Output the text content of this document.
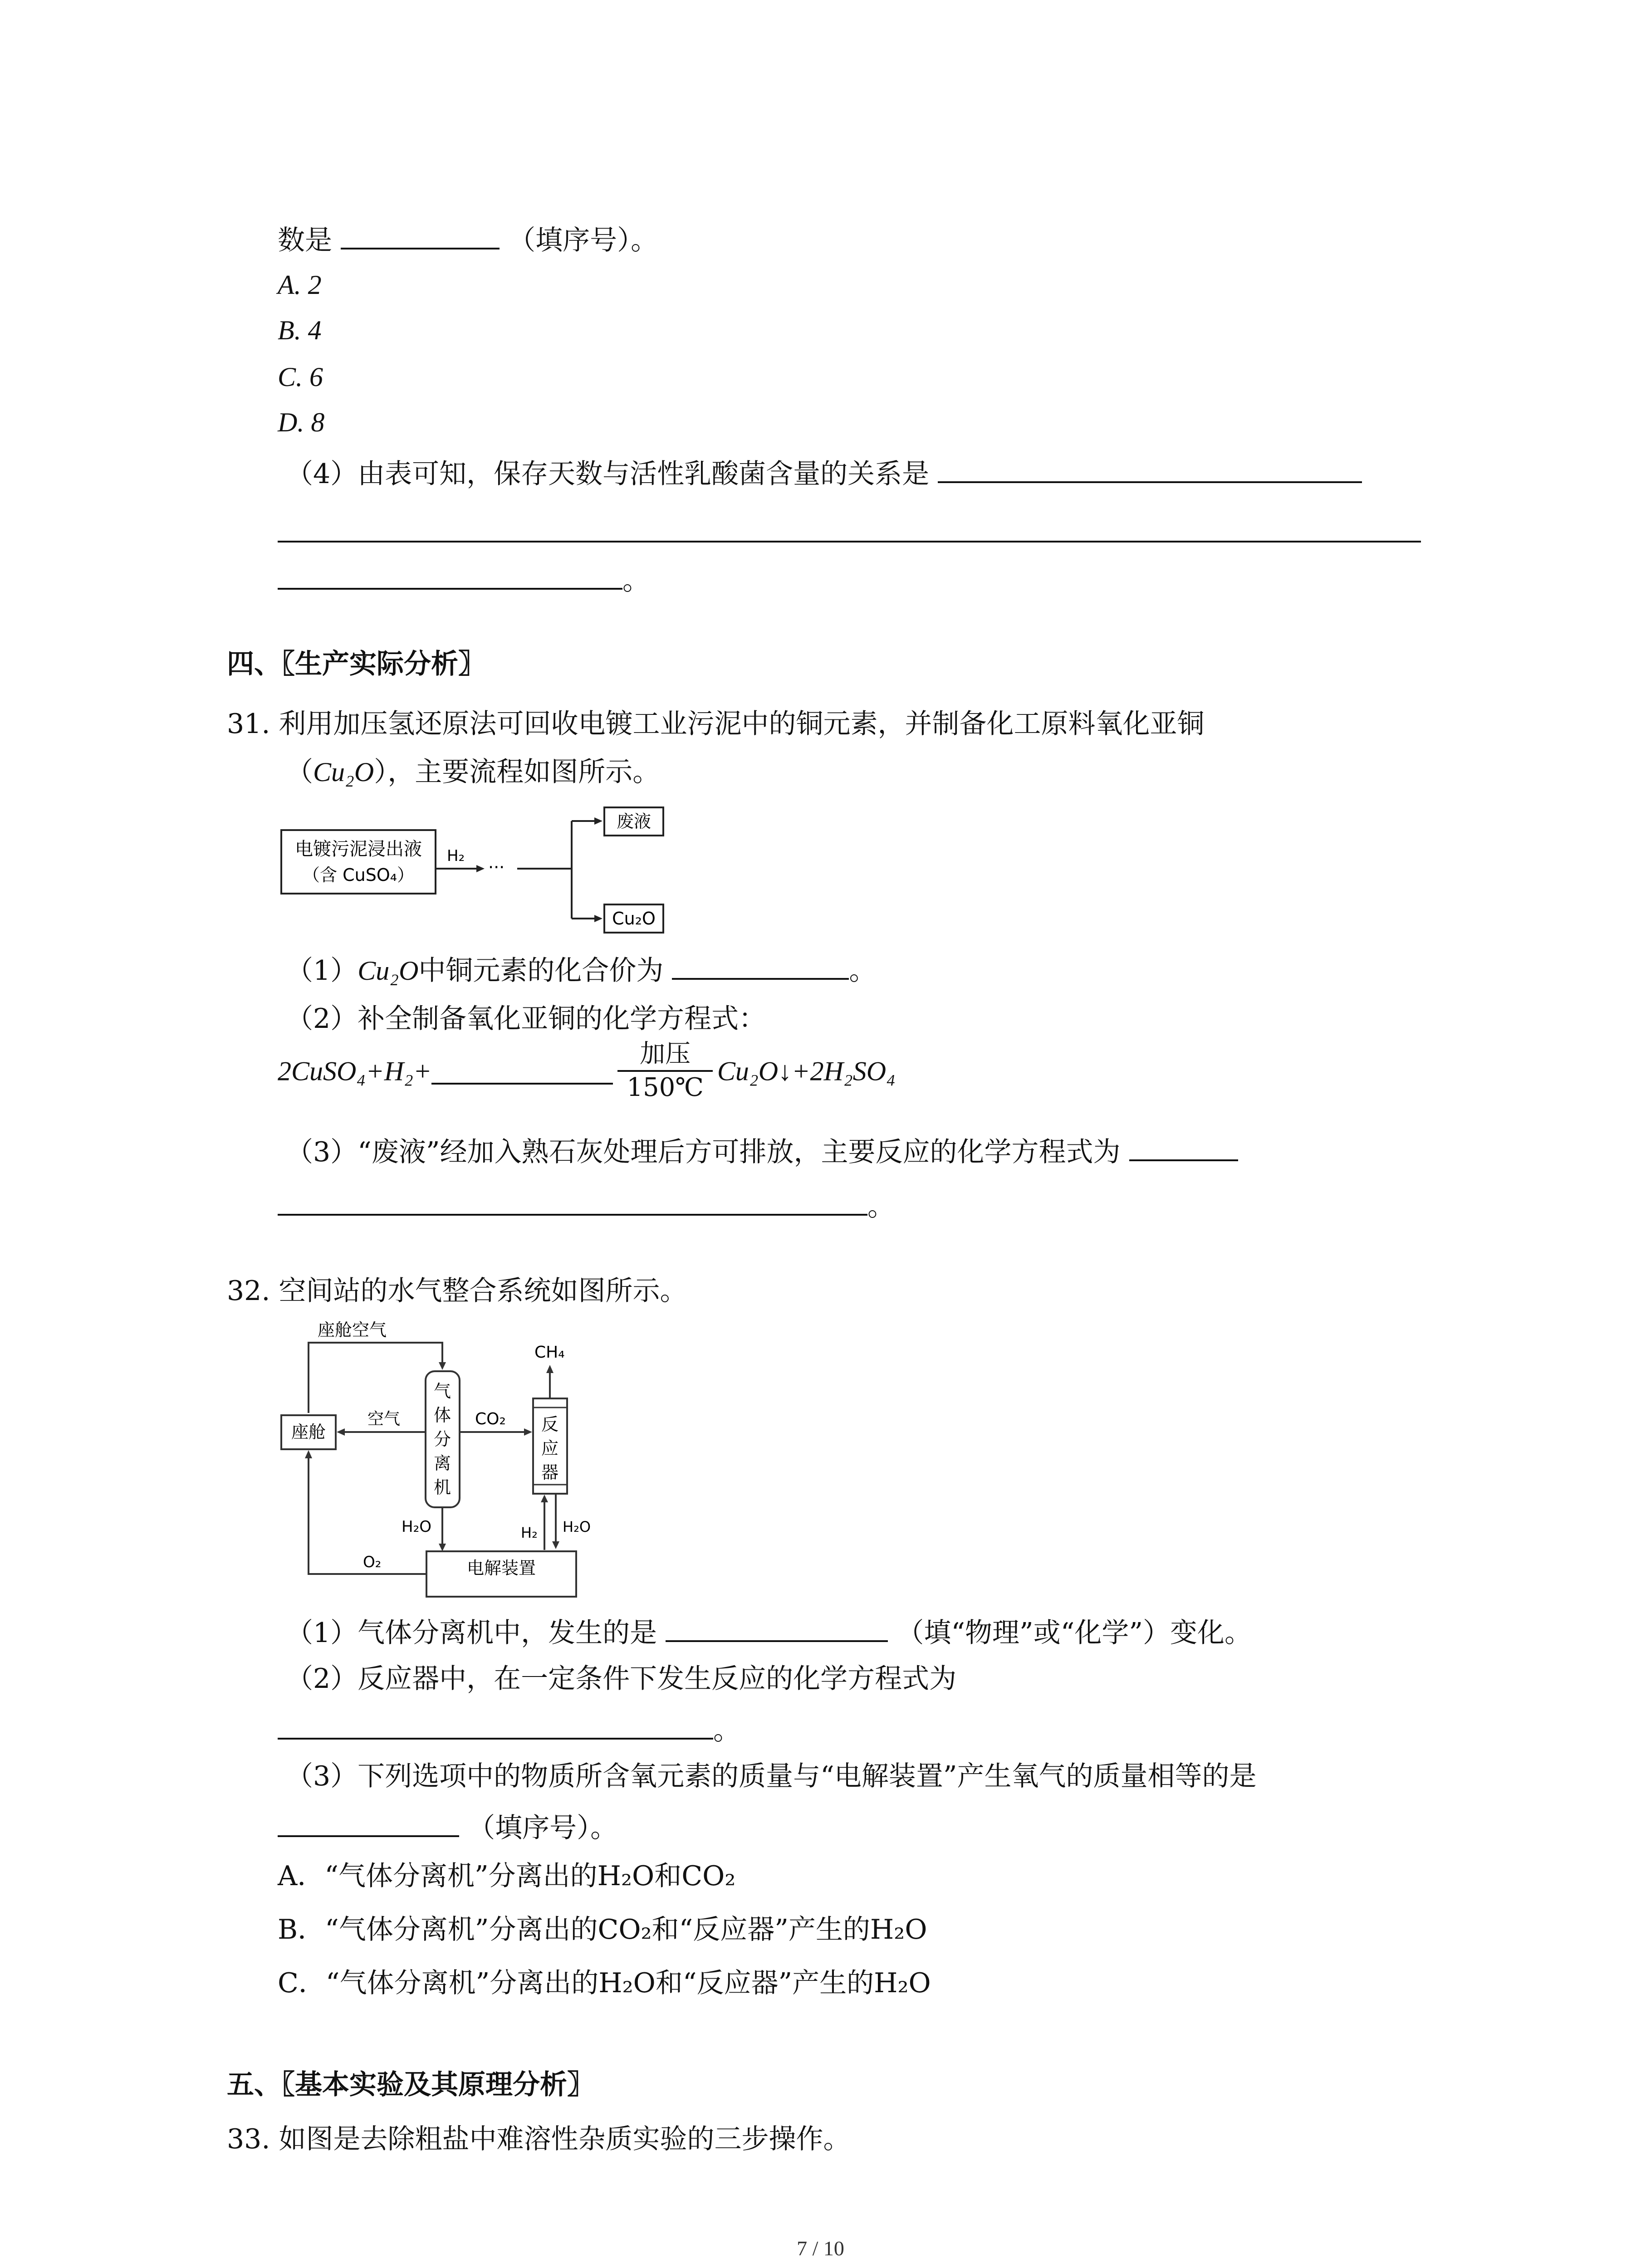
数是	（填序号）。
A. 2
B. 4
C. 6
D. 8
（4）由表可知，保存天数与活性乳酸菌含量的关系是
。
四、〖生产实际分析〗
31. 利用加压氢还原法可回收电镀工业污泥中的铜元素，并制备化工原料氧化亚铜
（Cu₂O），主要流程如图所示。
电镀污泥浸出液
（含 CuSO₄）
H₂
···
废液
Cu₂O
（1）Cu₂O中铜元素的化合价为	。
（2）补全制备氧化亚铜的化学方程式：
2CuSO₄+H₂+	$\frac{\text{加压}}{150℃}$ Cu₂O↓+2H₂SO₄
（3）“废液”经加入熟石灰处理后方可排放，主要反应的化学方程式为
。
32. 空间站的水气整合系统如图所示。
座舱空气
座舱
空气
气
体
分
离
机
CO₂ 反
应
器
CH₄
H₂O	H₂ H₂O
电解装置
O₂
（1）气体分离机中，发生的是	（填“物理”或“化学”）变化。
（2）反应器中，在一定条件下发生反应的化学方程式为
。
（3）下列选项中的物质所含氧元素的质量与“电解装置”产生氧气的质量相等的是
（填序号）。
A．“气体分离机”分离出的H₂O和CO₂
B．“气体分离机”分离出的CO₂和“反应器”产生的H₂O
C．“气体分离机”分离出的H₂O和“反应器”产生的H₂O
五、〖基本实验及其原理分析〗
33. 如图是去除粗盐中难溶性杂质实验的三步操作。
7 / 10
